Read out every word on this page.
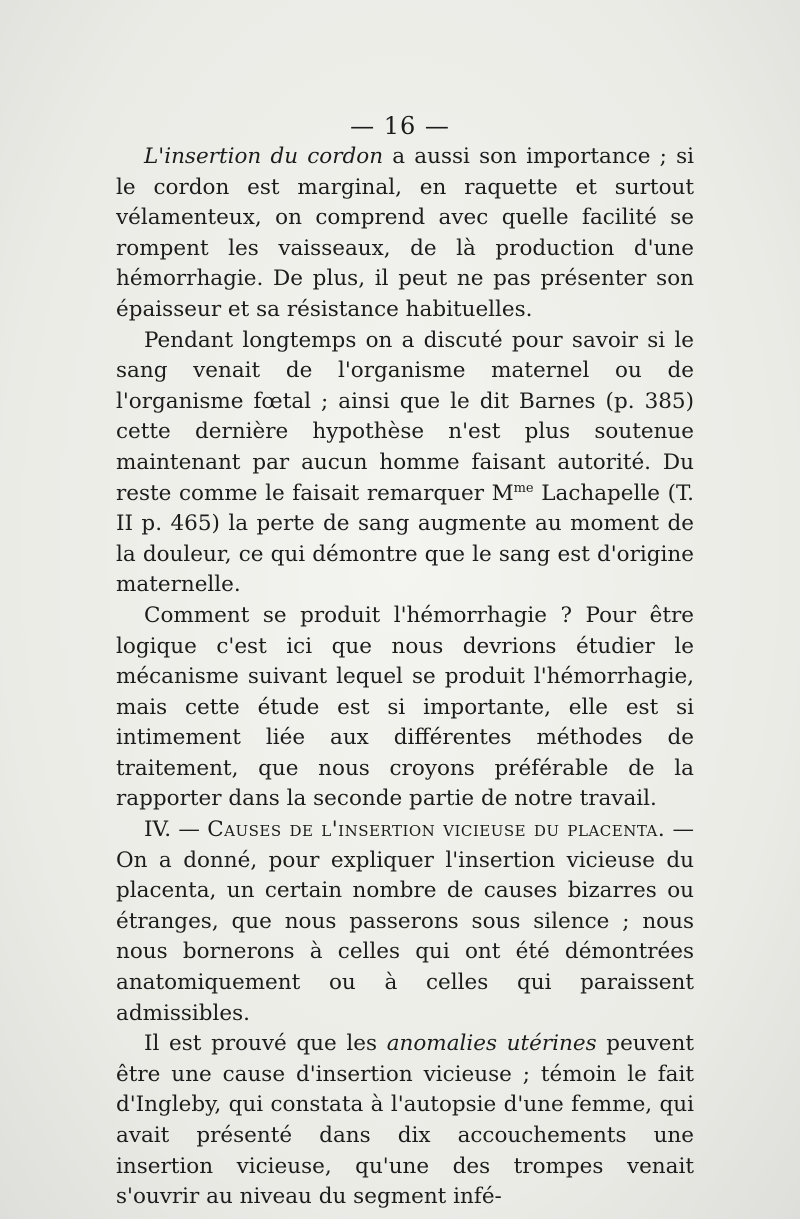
— 16 —

L'insertion du cordon a aussi son importance ; si le cordon est marginal, en raquette et surtout vélamenteux, on comprend avec quelle facilité se rompent les vaisseaux, de là production d'une hémorrhagie. De plus, il peut ne pas présenter son épaisseur et sa résistance habituelles.

Pendant longtemps on a discuté pour savoir si le sang venait de l'organisme maternel ou de l'organisme fœtal ; ainsi que le dit Barnes (p. 385) cette dernière hypothèse n'est plus soutenue maintenant par aucun homme faisant autorité. Du reste comme le faisait remarquer $M^{me}$ Lachapelle (T. II p. 465) la perte de sang augmente au moment de la douleur, ce qui démontre que le sang est d'origine maternelle.

Comment se produit l'hémorrhagie ? Pour être logique c'est ici que nous devrions étudier le mécanisme suivant lequel se produit l'hémorrhagie, mais cette étude est si importante, elle est si intimement liée aux différentes méthodes de traitement, que nous croyons préférable de la rapporter dans la seconde partie de notre travail.

IV. — Causes de l'insertion vicieuse du placenta. — On a donné, pour expliquer l'insertion vicieuse du placenta, un certain nombre de causes bizarres ou étranges, que nous passerons sous silence ; nous nous bornerons à celles qui ont été démontrées anatomiquement ou à celles qui paraissent admissibles.

Il est prouvé que les anomalies utérines peuvent être une cause d'insertion vicieuse ; témoin le fait d'Ingleby, qui constata à l'autopsie d'une femme, qui avait présenté dans dix accouchements une insertion vicieuse, qu'une des trompes venait s'ouvrir au niveau du segment infé-
